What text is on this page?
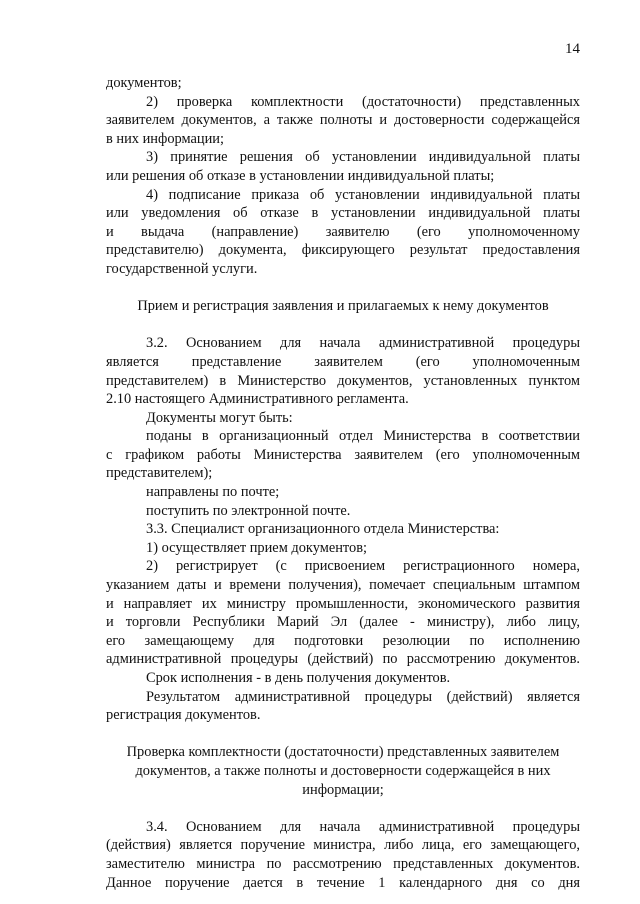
14
документов;
2) проверка комплектности (достаточности) представленных
заявителем документов, а также полноты и достоверности содержащейся
в них информации;
3) принятие решения об установлении индивидуальной платы
или решения об отказе в установлении индивидуальной платы;
4) подписание приказа об установлении индивидуальной платы
или уведомления об отказе в установлении индивидуальной платы
и выдача (направление) заявителю (его уполномоченному
представителю) документа, фиксирующего результат предоставления
государственной услуги.
Прием и регистрация заявления и прилагаемых к нему документов
3.2. Основанием для начала административной процедуры
является представление заявителем (его уполномоченным
представителем) в Министерство документов, установленных пунктом
2.10 настоящего Административного регламента.
Документы могут быть:
поданы в организационный отдел Министерства в соответствии
с графиком работы Министерства заявителем (его уполномоченным
представителем);
направлены по почте;
поступить по электронной почте.
3.3. Специалист организационного отдела Министерства:
1) осуществляет прием документов;
2) регистрирует (с присвоением регистрационного номера,
указанием даты и времени получения), помечает специальным штампом
и направляет их министру промышленности, экономического развития
и торговли Республики Марий Эл (далее - министру), либо лицу,
его замещающему для подготовки резолюции по исполнению
административной процедуры (действий) по рассмотрению документов.
Срок исполнения - в день получения документов.
Результатом административной процедуры (действий) является
регистрация документов.
Проверка комплектности (достаточности) представленных заявителем
документов, а также полноты и достоверности содержащейся в них
информации;
3.4. Основанием для начала административной процедуры
(действия) является поручение министра, либо лица, его замещающего,
заместителю министра по рассмотрению представленных документов.
Данное поручение дается в течение 1 календарного дня со дня
